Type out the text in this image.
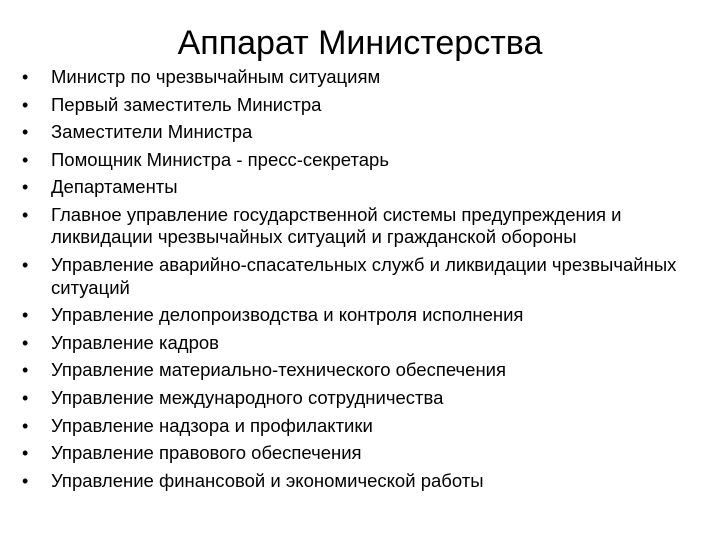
Аппарат Министерства
•	Министр по чрезвычайным ситуациям
•	Первый заместитель Министра
•	Заместители Министра
•	Помощник Министра - пресс-секретарь
•	Департаменты
•	Главное управление государственной системы предупреждения и ликвидации чрезвычайных ситуаций и гражданской обороны
•	Управление аварийно-спасательных служб и ликвидации чрезвычайных ситуаций
•	Управление делопроизводства и контроля исполнения
•	Управление кадров
•	Управление материально-технического обеспечения
•	Управление международного сотрудничества
•	Управление надзора и профилактики
•	Управление правового обеспечения
•	Управление финансовой и экономической работы
